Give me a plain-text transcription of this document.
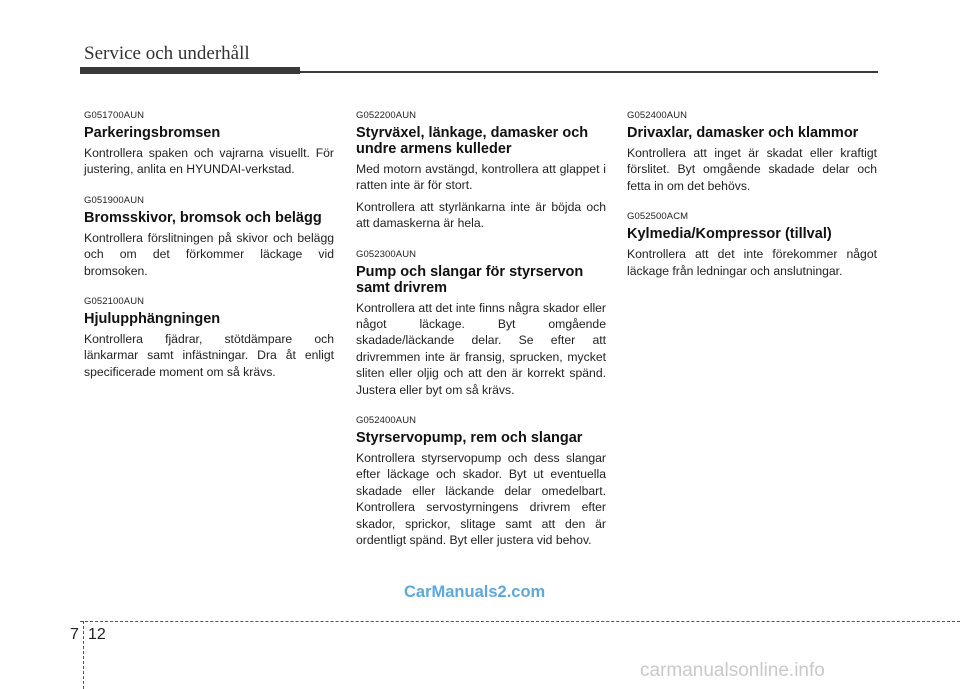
Service och underhåll
G051700AUN
Parkeringsbromsen
Kontrollera spaken och vajrarna visuellt. För justering, anlita en HYUNDAI-verkstad.
G051900AUN
Bromsskivor, bromsok och belägg
Kontrollera förslitningen på skivor och belägg och om det förkommer läckage vid bromsoken.
G052100AUN
Hjulupphängningen
Kontrollera fjädrar, stötdämpare och länkarmar samt infästningar. Dra åt enligt specificerade moment om så krävs.
G052200AUN
Styrväxel, länkage, damasker och undre armens kulleder
Med motorn avstängd, kontrollera att glappet i ratten inte är för stort.
Kontrollera att styrlänkarna inte är böjda och att damaskerna är hela.
G052300AUN
Pump och slangar för styrservon samt drivrem
Kontrollera att det inte finns några skador eller något läckage. Byt omgående skadade/läckande delar. Se efter att drivremmen inte är fransig, sprucken, mycket sliten eller oljig och att den är korrekt spänd. Justera eller byt om så krävs.
G052400AUN
Styrservopump, rem och slangar
Kontrollera styrservopump och dess slangar efter läckage och skador. Byt ut eventuella skadade eller läckande delar omedelbart. Kontrollera servostyrningens drivrem efter skador, sprickor, slitage samt att den är ordentligt spänd. Byt eller justera vid behov.
G052400AUN
Drivaxlar, damasker och klammor
Kontrollera att inget är skadat eller kraftigt förslitet. Byt omgående skadade delar och fetta in om det behövs.
G052500ACM
Kylmedia/Kompressor (tillval)
Kontrollera att det inte förekommer något läckage från ledningar och anslutningar.
CarManuals2.com
7 12
carmanualsonline.info
